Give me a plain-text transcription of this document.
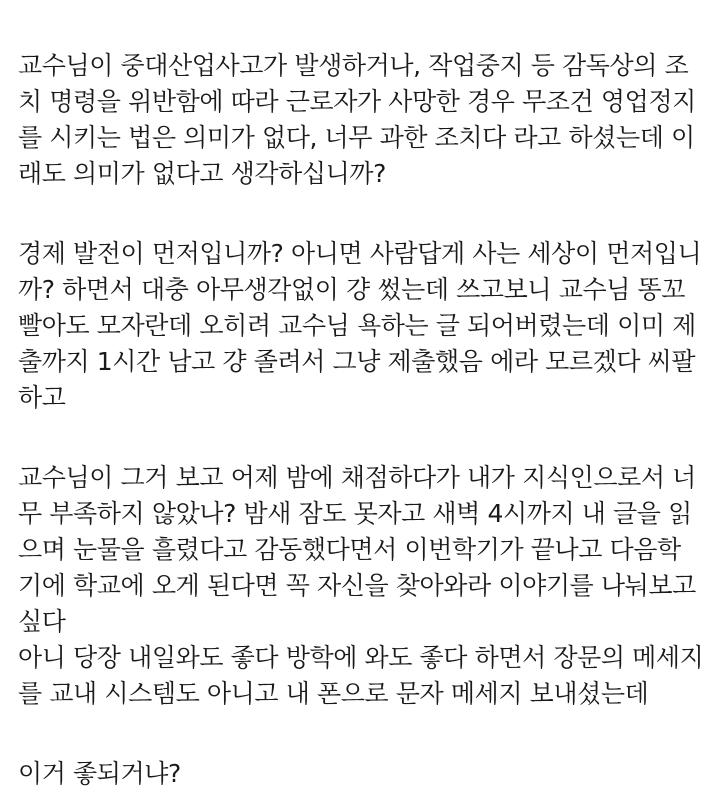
교수님이 중대산업사고가 발생하거나, 작업중지 등 감독상의 조
치 명령을 위반함에 따라 근로자가 사망한 경우 무조건 영업정지
를 시키는 법은 의미가 없다, 너무 과한 조치다 라고 하셨는데 이
래도 의미가 없다고 생각하십니까?
경제 발전이 먼저입니까? 아니면 사람답게 사는 세상이 먼저입니
까? 하면서 대충 아무생각없이 걍 썼는데 쓰고보니 교수님 똥꼬
빨아도 모자란데 오히려 교수님 욕하는 글 되어버렸는데 이미 제
출까지 1시간 남고 걍 졸려서 그냥 제출했음 에라 모르겠다 씨팔
하고
교수님이 그거 보고 어제 밤에 채점하다가 내가 지식인으로서 너
무 부족하지 않았나? 밤새 잠도 못자고 새벽 4시까지 내 글을 읽
으며 눈물을 흘렸다고 감동했다면서 이번학기가 끝나고 다음학
기에 학교에 오게 된다면 꼭 자신을 찾아와라 이야기를 나눠보고
싶다
아니 당장 내일와도 좋다 방학에 와도 좋다 하면서 장문의 메세지
를 교내 시스템도 아니고 내 폰으로 문자 메세지 보내셨는데
이거 좋되거냐?
